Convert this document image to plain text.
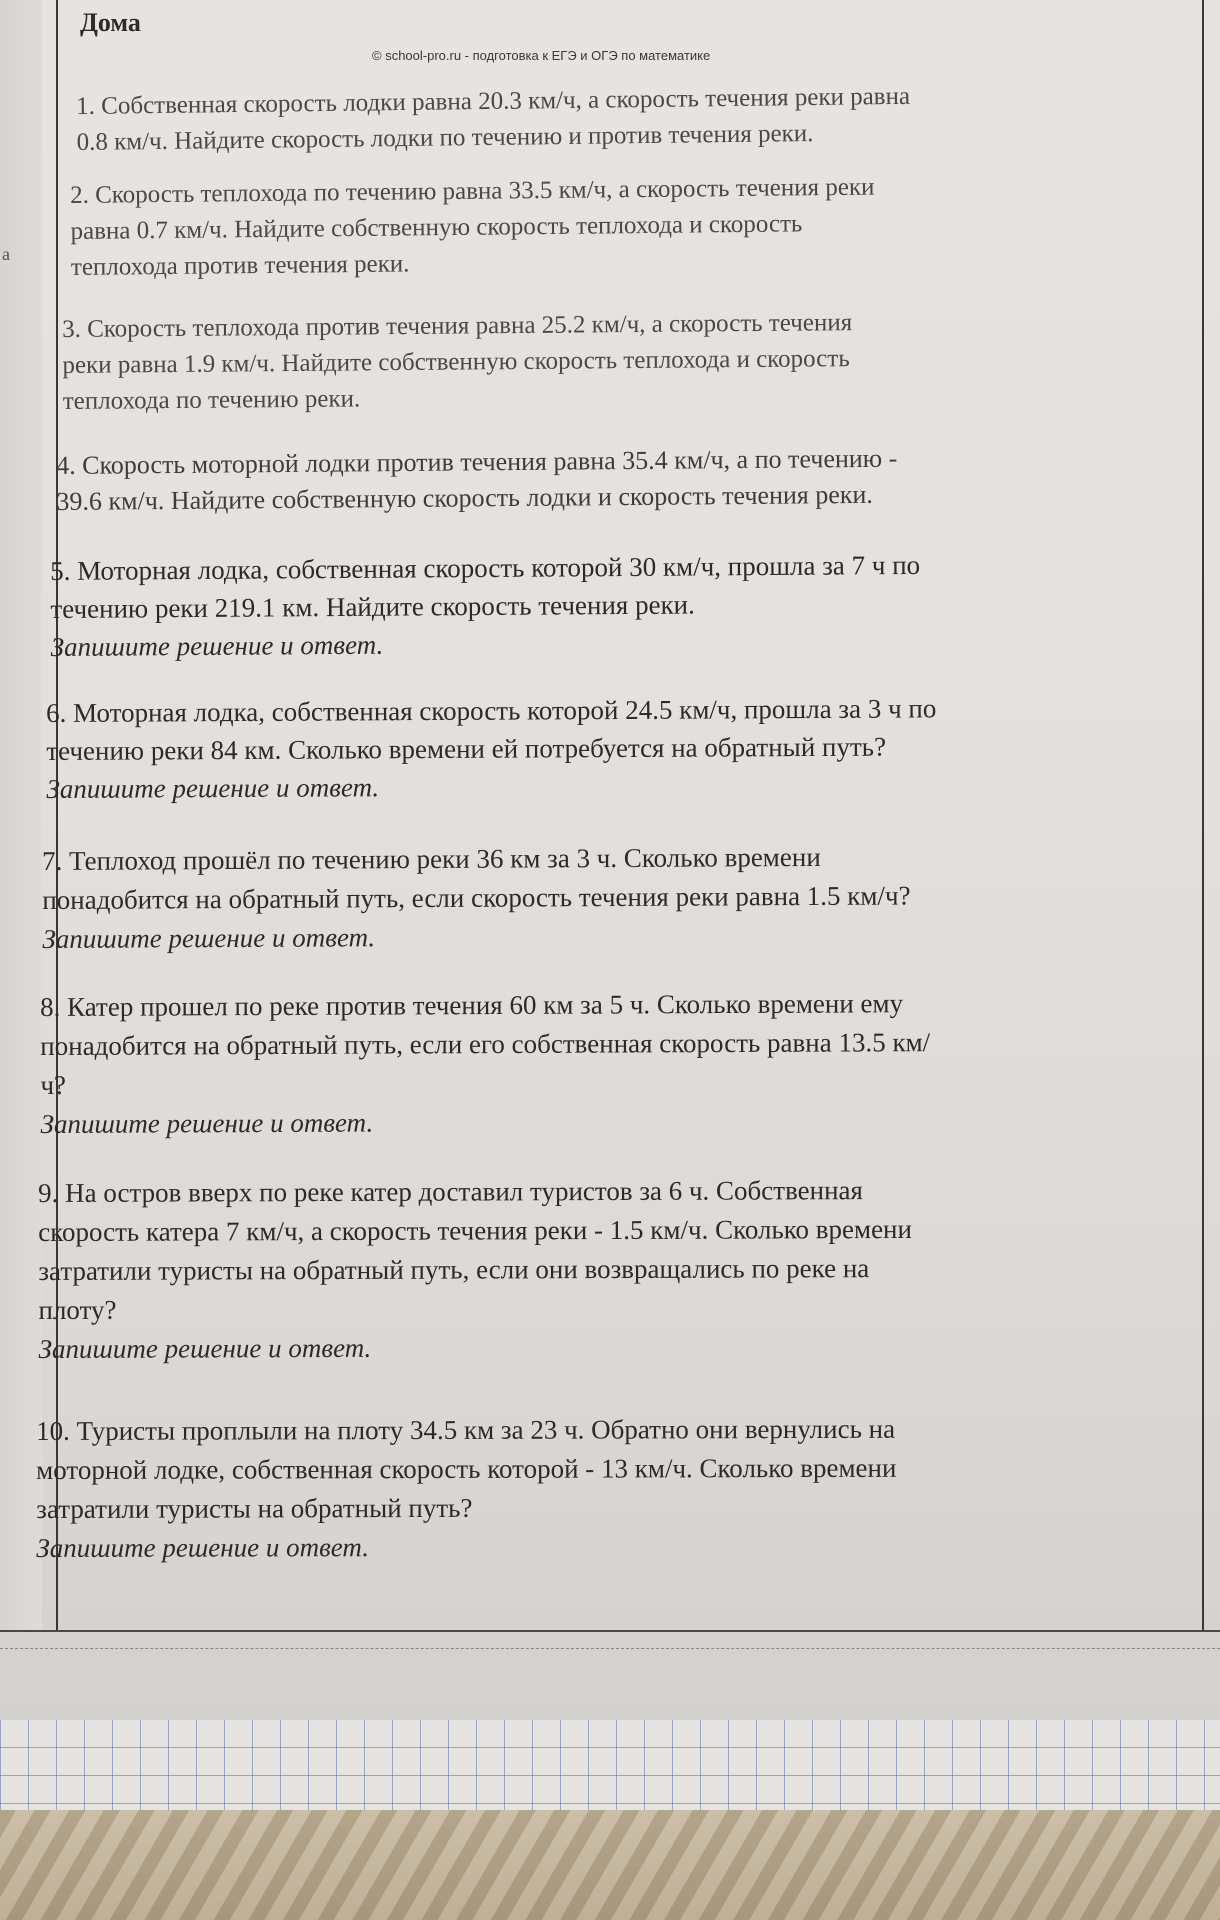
а
Дома
© school-pro.ru - подготовка к ЕГЭ и ОГЭ по математике
1. Собственная скорость лодки равна 20.3 км/ч, а скорость течения реки равна
0.8 км/ч. Найдите скорость лодки по течению и против течения реки.
2. Скорость теплохода по течению равна 33.5 км/ч, а скорость течения реки
равна 0.7 км/ч. Найдите собственную скорость теплохода и скорость
теплохода против течения реки.
3. Скорость теплохода против течения равна 25.2 км/ч, а скорость течения
реки равна 1.9 км/ч. Найдите собственную скорость теплохода и скорость
теплохода по течению реки.
4. Скорость моторной лодки против течения равна 35.4 км/ч, а по течению -
39.6 км/ч. Найдите собственную скорость лодки и скорость течения реки.
5. Моторная лодка, собственная скорость которой 30 км/ч, прошла за 7 ч по
течению реки 219.1 км. Найдите скорость течения реки.
Запишите решение и ответ.
6. Моторная лодка, собственная скорость которой 24.5 км/ч, прошла за 3 ч по
течению реки 84 км. Сколько времени ей потребуется на обратный путь?
Запишите решение и ответ.
7. Теплоход прошёл по течению реки 36 км за 3 ч. Сколько времени
понадобится на обратный путь, если скорость течения реки равна 1.5 км/ч?
Запишите решение и ответ.
8. Катер прошел по реке против течения 60 км за 5 ч. Сколько времени ему
понадобится на обратный путь, если его собственная скорость равна 13.5 км/
ч?
Запишите решение и ответ.
9. На остров вверх по реке катер доставил туристов за 6 ч. Собственная
скорость катера 7 км/ч, а скорость течения реки - 1.5 км/ч. Сколько времени
затратили туристы на обратный путь, если они возвращались по реке на
плоту?
Запишите решение и ответ.
10. Туристы проплыли на плоту 34.5 км за 23 ч. Обратно они вернулись на
моторной лодке, собственная скорость которой - 13 км/ч. Сколько времени
затратили туристы на обратный путь?
Запишите решение и ответ.
